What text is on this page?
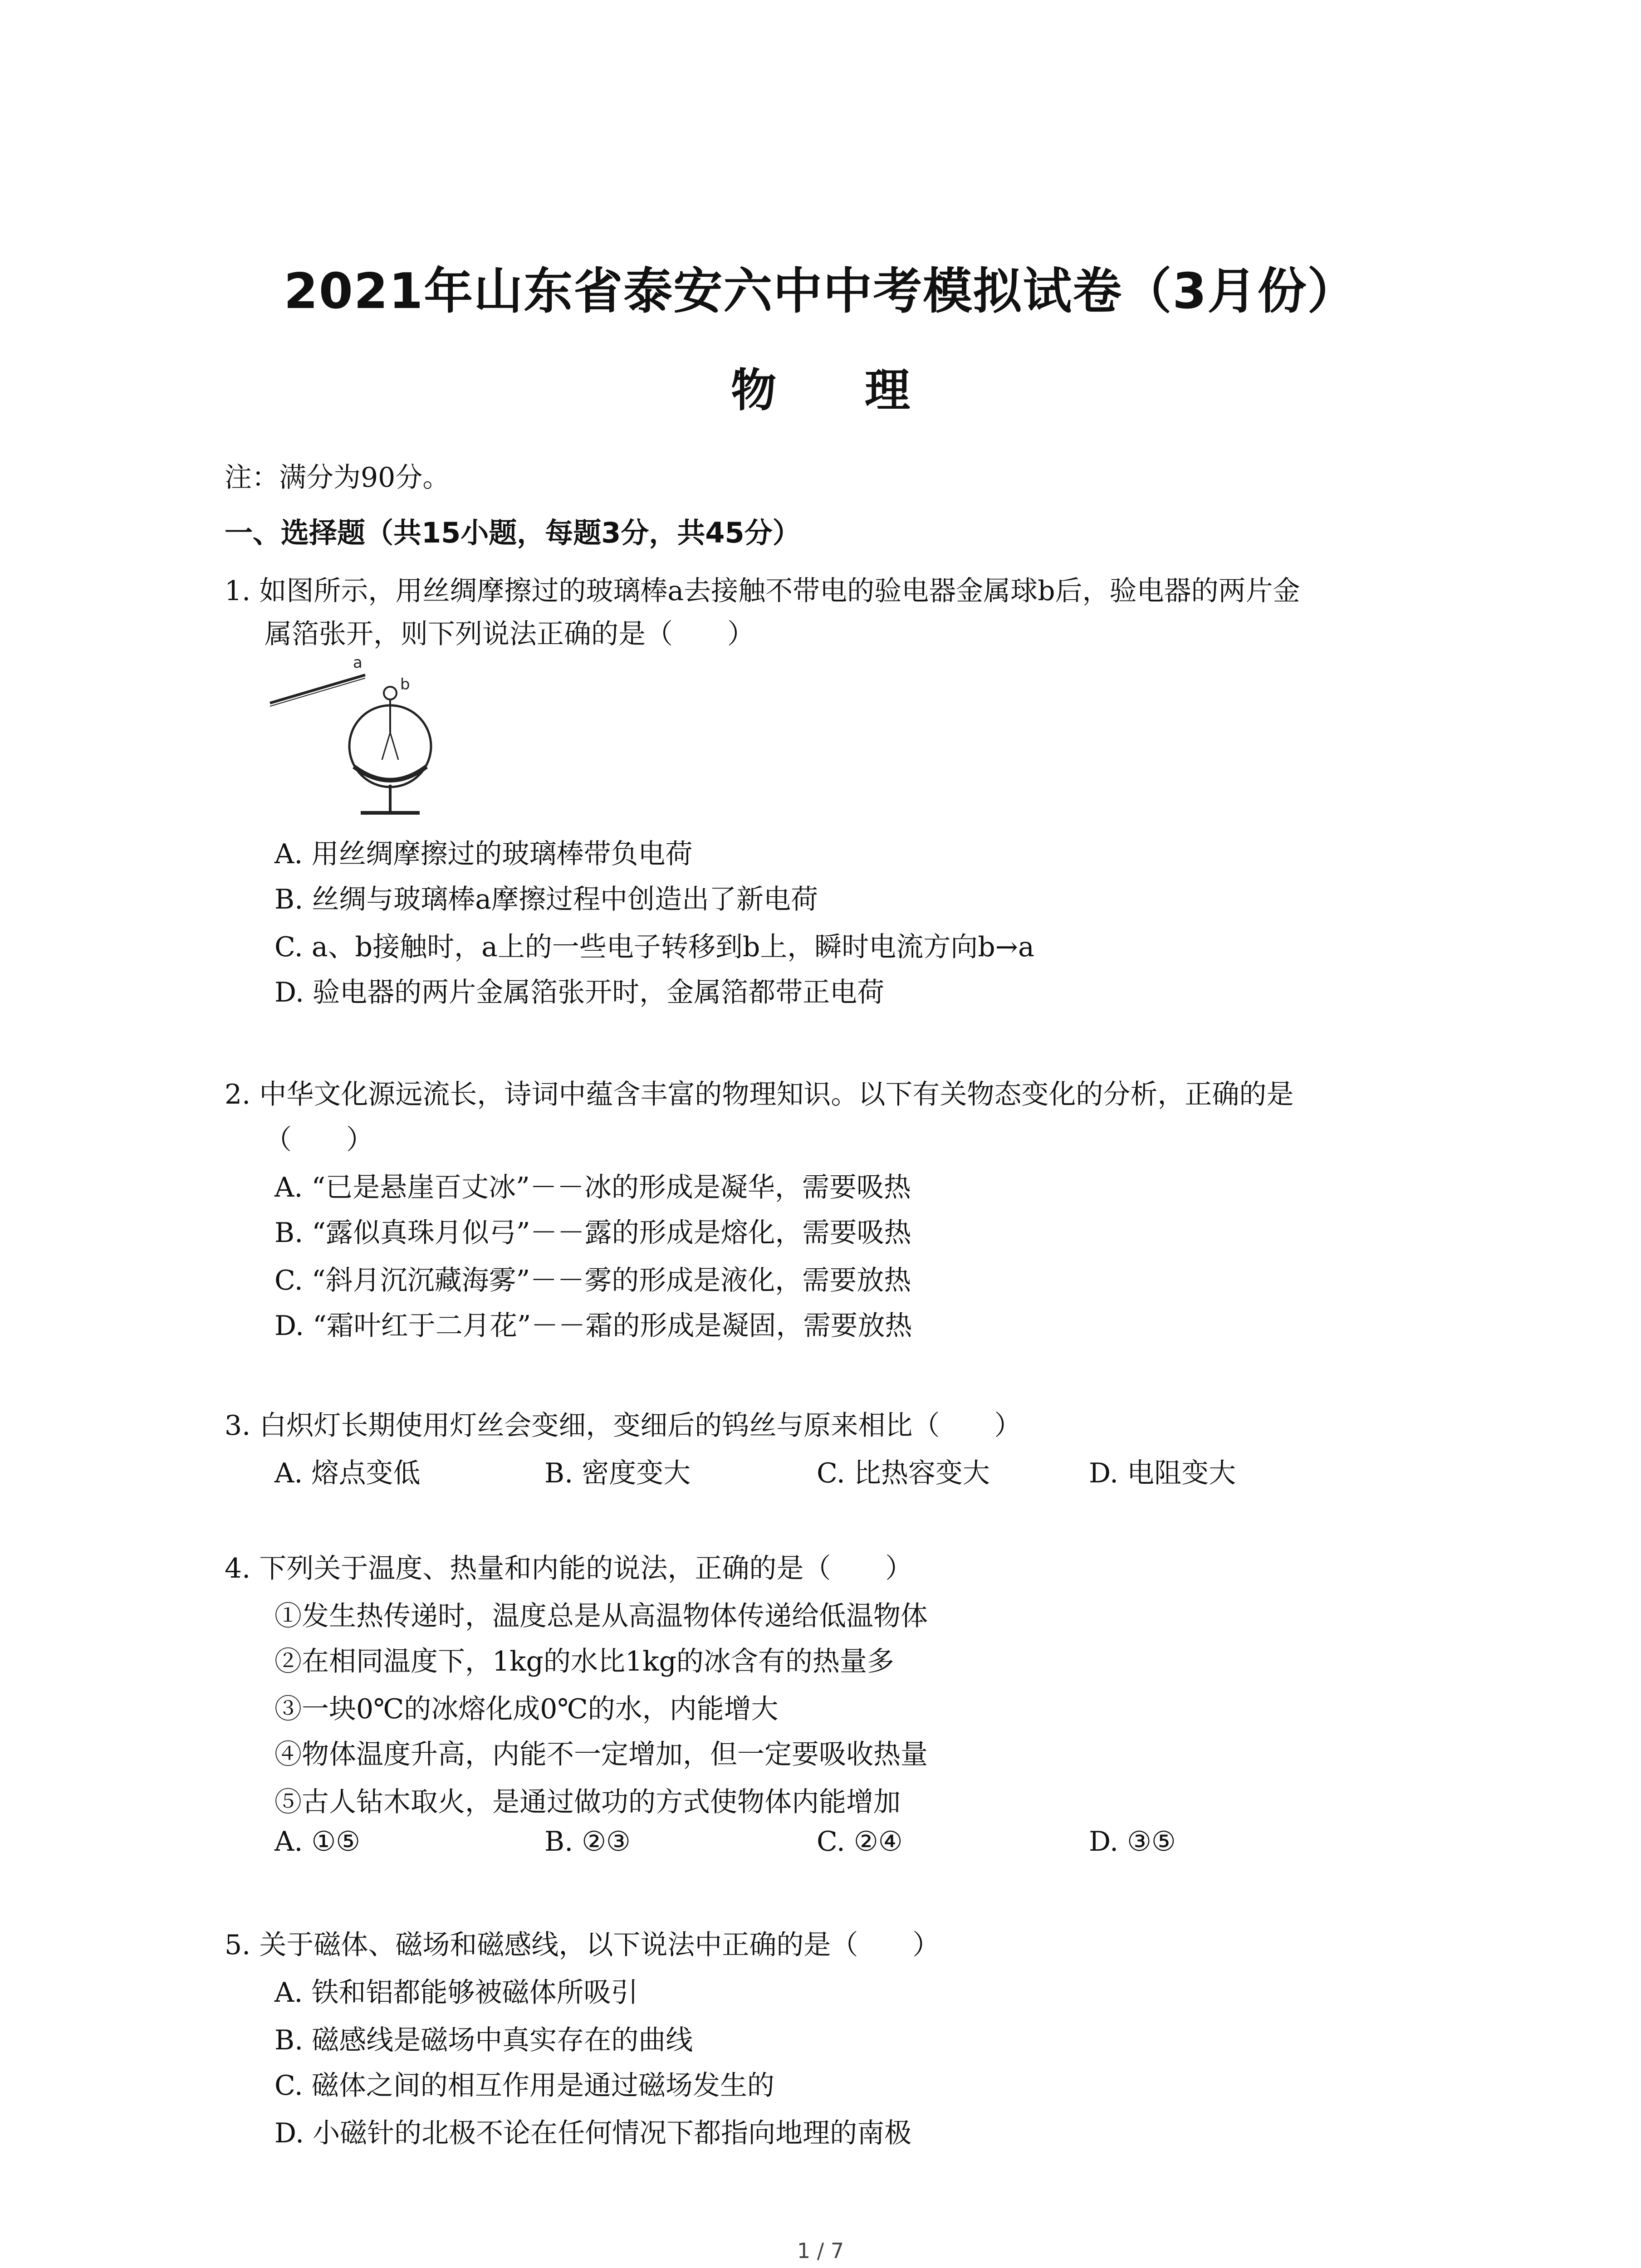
2021年山东省泰安六中中考模拟试卷（3月份）
物 理
注：满分为90分。
一、选择题（共15小题，每题3分，共45分）
1. 如图所示，用丝绸摩擦过的玻璃棒a去接触不带电的验电器金属球b后，验电器的两片金
属箔张开，则下列说法正确的是（　　）
a
b
A. 用丝绸摩擦过的玻璃棒带负电荷
B. 丝绸与玻璃棒a摩擦过程中创造出了新电荷
C. a、b接触时，a上的一些电子转移到b上，瞬时电流方向b→a
D. 验电器的两片金属箔张开时，金属箔都带正电荷
2. 中华文化源远流长，诗词中蕴含丰富的物理知识。以下有关物态变化的分析，正确的是
（　　）
A. “已是悬崖百丈冰”－－冰的形成是凝华，需要吸热
B. “露似真珠月似弓”－－露的形成是熔化，需要吸热
C. “斜月沉沉藏海雾”－－雾的形成是液化，需要放热
D. “霜叶红于二月花”－－霜的形成是凝固，需要放热
3. 白炽灯长期使用灯丝会变细，变细后的钨丝与原来相比（　　）
A. 熔点变低	B. 密度变大	C. 比热容变大	D. 电阻变大
4. 下列关于温度、热量和内能的说法，正确的是（　　）
①发生热传递时，温度总是从高温物体传递给低温物体
②在相同温度下，1kg的水比1kg的冰含有的热量多
③一块0℃的冰熔化成0℃的水，内能增大
④物体温度升高，内能不一定增加，但一定要吸收热量
⑤古人钻木取火，是通过做功的方式使物体内能增加
A. ①⑤	B. ②③	C. ②④	D. ③⑤
5. 关于磁体、磁场和磁感线，以下说法中正确的是（　　）
A. 铁和铝都能够被磁体所吸引
B. 磁感线是磁场中真实存在的曲线
C. 磁体之间的相互作用是通过磁场发生的
D. 小磁针的北极不论在任何情况下都指向地理的南极
1 / 7
